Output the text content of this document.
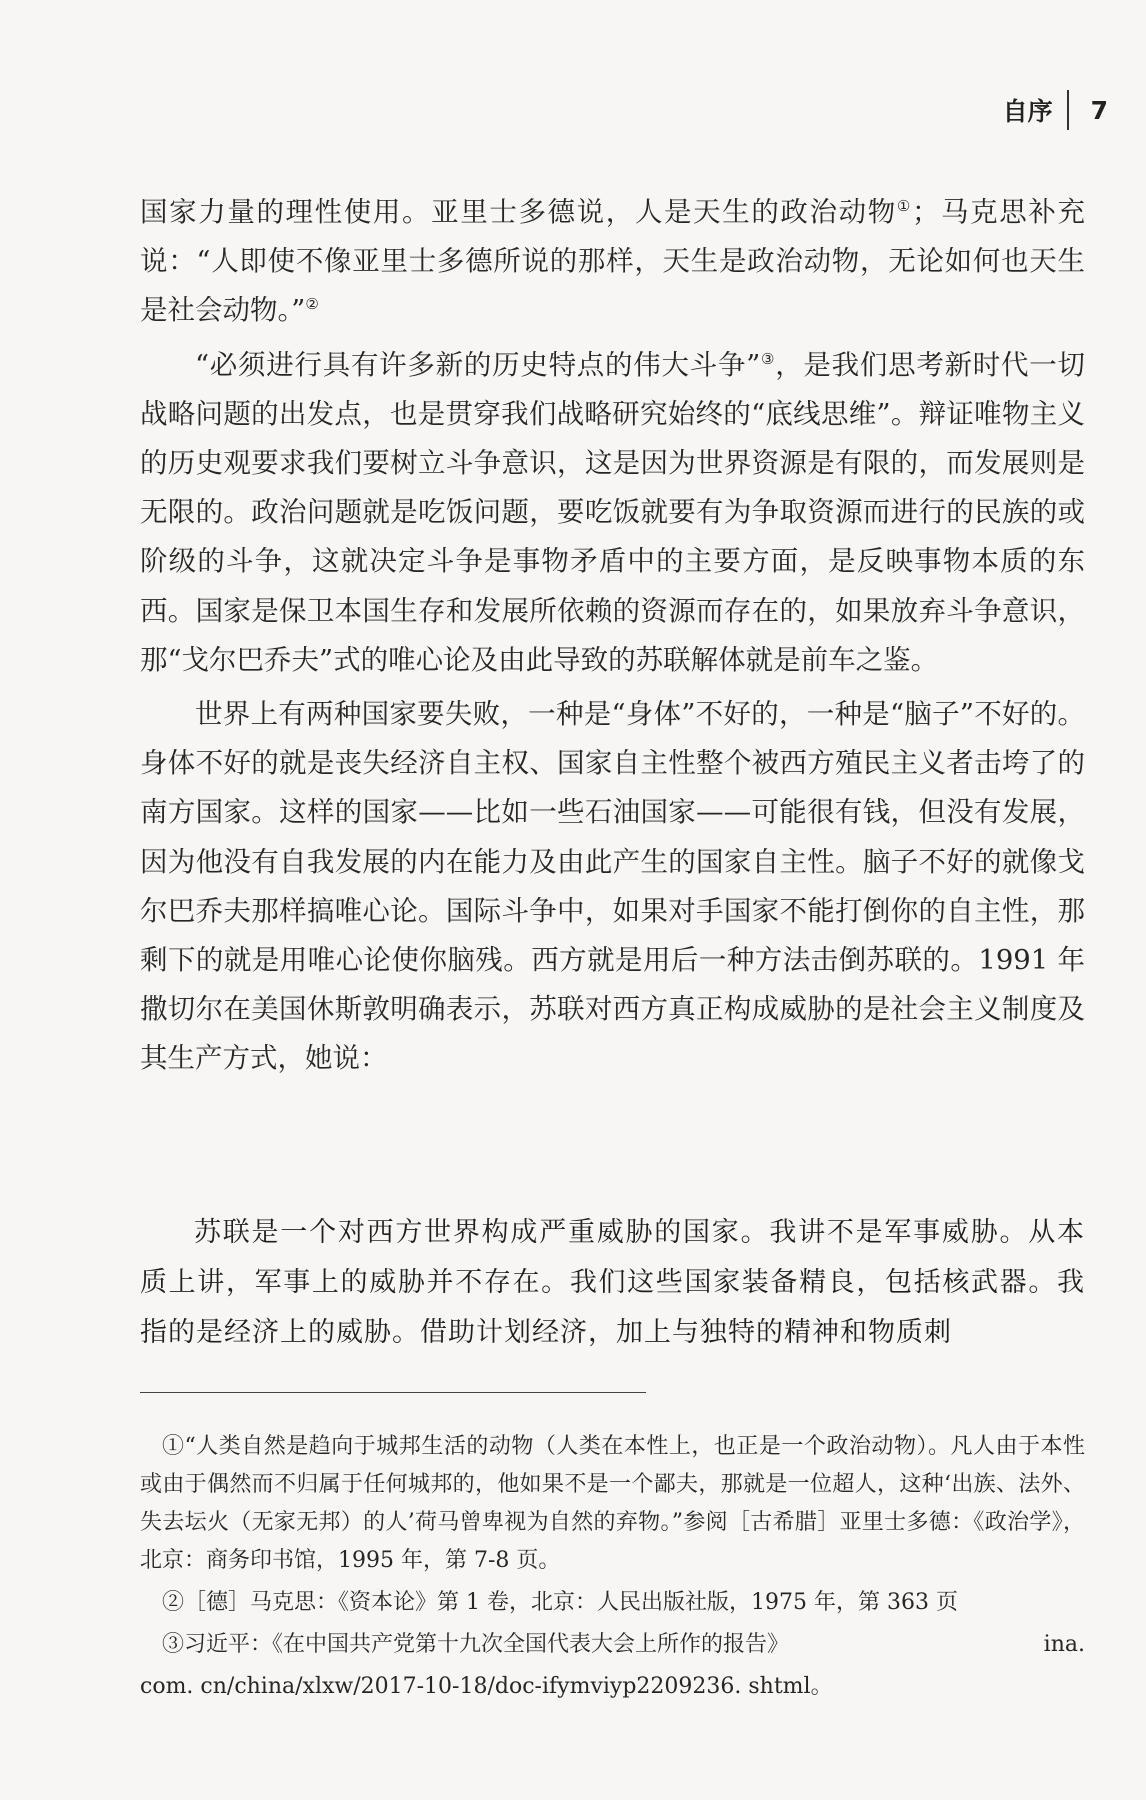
自序 7

国家力量的理性使用。亚里士多德说，人是天生的政治动物①；马克思补充说：“人即使不像亚里士多德所说的那样，天生是政治动物，无论如何也天生是社会动物。”②

“必须进行具有许多新的历史特点的伟大斗争”③，是我们思考新时代一切战略问题的出发点，也是贯穿我们战略研究始终的“底线思维”。辩证唯物主义的历史观要求我们要树立斗争意识，这是因为世界资源是有限的，而发展则是无限的。政治问题就是吃饭问题，要吃饭就要有为争取资源而进行的民族的或阶级的斗争，这就决定斗争是事物矛盾中的主要方面，是反映事物本质的东西。国家是保卫本国生存和发展所依赖的资源而存在的，如果放弃斗争意识，那“戈尔巴乔夫”式的唯心论及由此导致的苏联解体就是前车之鉴。

世界上有两种国家要失败，一种是“身体”不好的，一种是“脑子”不好的。身体不好的就是丧失经济自主权、国家自主性整个被西方殖民主义者击垮了的南方国家。这样的国家——比如一些石油国家——可能很有钱，但没有发展，因为他没有自我发展的内在能力及由此产生的国家自主性。脑子不好的就像戈尔巴乔夫那样搞唯心论。国际斗争中，如果对手国家不能打倒你的自主性，那剩下的就是用唯心论使你脑残。西方就是用后一种方法击倒苏联的。1991 年撒切尔在美国休斯敦明确表示，苏联对西方真正构成威胁的是社会主义制度及其生产方式，她说：

苏联是一个对西方世界构成严重威胁的国家。我讲不是军事威胁。从本质上讲，军事上的威胁并不存在。我们这些国家装备精良，包括核武器。我指的是经济上的威胁。借助计划经济，加上与独特的精神和物质刺

①“人类自然是趋向于城邦生活的动物（人类在本性上，也正是一个政治动物）。凡人由于本性或由于偶然而不归属于任何城邦的，他如果不是一个鄙夫，那就是一位超人，这种‘出族、法外、失去坛火（无家无邦）的人’荷马曾卑视为自然的弃物。”参阅［古希腊］亚里士多德：《政治学》，北京：商务印书馆，1995 年，第 7-8 页。

②［德］马克思：《资本论》第 1 卷，北京：人民出版社版，1975 年，第 363 页

③习近平：《在中国共产党第十九次全国代表大会上所作的报告》	ina.

com. cn/china/xlxw/2017-10-18/doc-ifymviyp2209236. shtml。
